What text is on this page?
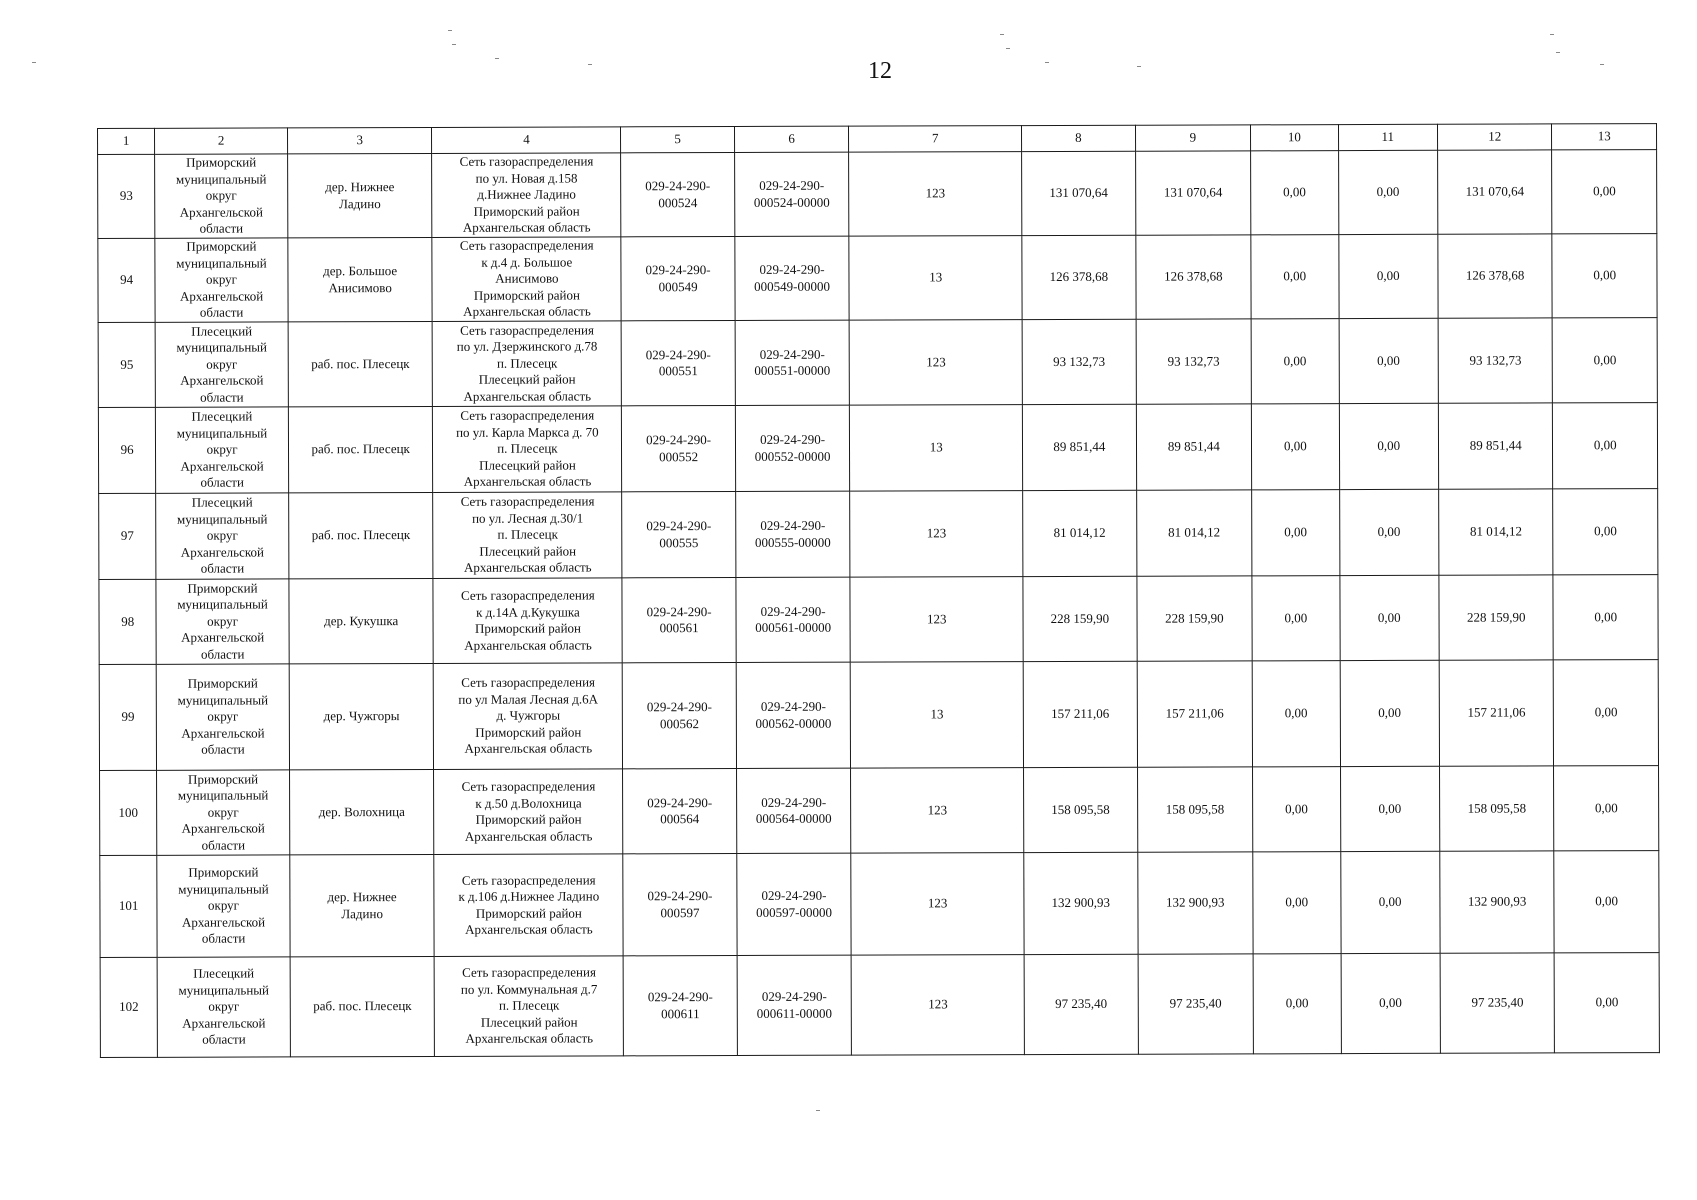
12
1	2	3	4	5	6	7	8	9	10	11	12	13
93	Приморский
муниципальный
округ
Архангельской
области	дер. Нижнее
Ладино	Сеть газораспределения
по ул. Новая д.158
д.Нижнее Ладино
Приморский район
Архангельская область	029-24-290-
000524	029-24-290-
000524-00000	123	131 070,64	131 070,64	0,00	0,00	131 070,64	0,00
94	Приморский
муниципальный
округ
Архангельской
области	дер. Большое
Анисимово	Сеть газораспределения
к д.4 д. Большое
Анисимово
Приморский район
Архангельская область	029-24-290-
000549	029-24-290-
000549-00000	13	126 378,68	126 378,68	0,00	0,00	126 378,68	0,00
95	Плесецкий
муниципальный
округ
Архангельской
области	раб. пос. Плесецк	Сеть газораспределения
по ул. Дзержинского д.78
п. Плесецк
Плесецкий район
Архангельская область	029-24-290-
000551	029-24-290-
000551-00000	123	93 132,73	93 132,73	0,00	0,00	93 132,73	0,00
96	Плесецкий
муниципальный
округ
Архангельской
области	раб. пос. Плесецк	Сеть газораспределения
по ул. Карла Маркса д. 70
п. Плесецк
Плесецкий район
Архангельская область	029-24-290-
000552	029-24-290-
000552-00000	13	89 851,44	89 851,44	0,00	0,00	89 851,44	0,00
97	Плесецкий
муниципальный
округ
Архангельской
области	раб. пос. Плесецк	Сеть газораспределения
по ул. Лесная д.30/1
п. Плесецк
Плесецкий район
Архангельская область	029-24-290-
000555	029-24-290-
000555-00000	123	81 014,12	81 014,12	0,00	0,00	81 014,12	0,00
98	Приморский
муниципальный
округ
Архангельской
области	дер. Кукушка	Сеть газораспределения
к д.14А д.Кукушка
Приморский район
Архангельская область	029-24-290-
000561	029-24-290-
000561-00000	123	228 159,90	228 159,90	0,00	0,00	228 159,90	0,00
99	Приморский
муниципальный
округ
Архангельской
области	дер. Чужгоры	Сеть газораспределения
по ул Малая Лесная д.6А
д. Чужгоры
Приморский район
Архангельская область	029-24-290-
000562	029-24-290-
000562-00000	13	157 211,06	157 211,06	0,00	0,00	157 211,06	0,00
100	Приморский
муниципальный
округ
Архангельской
области	дер. Волохница	Сеть газораспределения
к д.50 д.Волохница
Приморский район
Архангельская область	029-24-290-
000564	029-24-290-
000564-00000	123	158 095,58	158 095,58	0,00	0,00	158 095,58	0,00
101	Приморский
муниципальный
округ
Архангельской
области	дер. Нижнее
Ладино	Сеть газораспределения
к д.106 д.Нижнее Ладино
Приморский район
Архангельская область	029-24-290-
000597	029-24-290-
000597-00000	123	132 900,93	132 900,93	0,00	0,00	132 900,93	0,00
102	Плесецкий
муниципальный
округ
Архангельской
области	раб. пос. Плесецк	Сеть газораспределения
по ул. Коммунальная д.7
п. Плесецк
Плесецкий район
Архангельская область	029-24-290-
000611	029-24-290-
000611-00000	123	97 235,40	97 235,40	0,00	0,00	97 235,40	0,00
